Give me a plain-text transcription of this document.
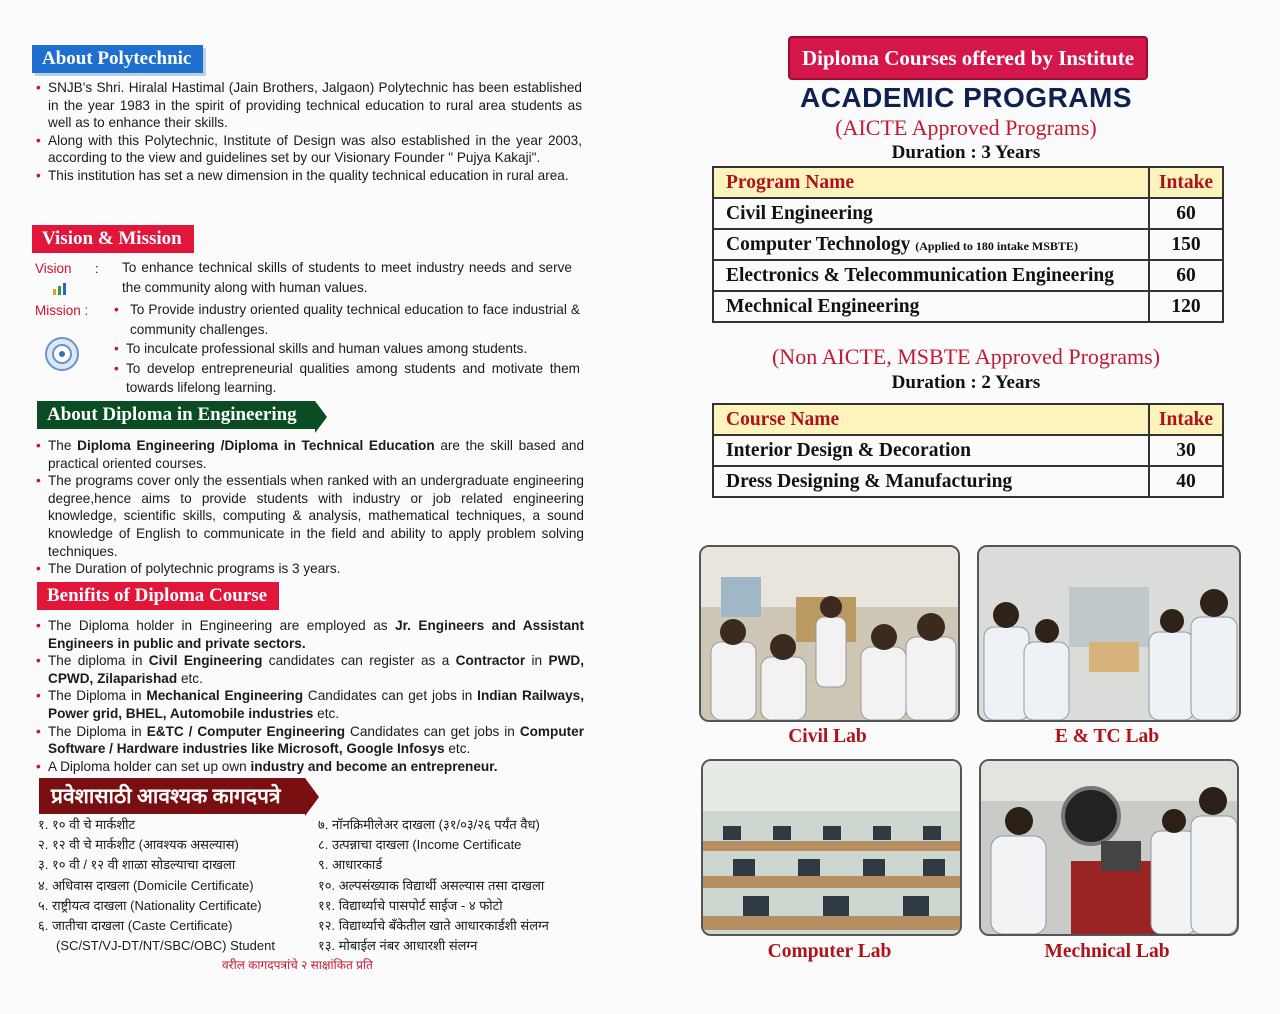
About Polytechnic
• SNJB's Shri. Hiralal Hastimal (Jain Brothers, Jalgaon) Polytechnic has been established in the year 1983 in the spirit of providing technical education to rural area students as well as to enhance their skills.
• Along with this Polytechnic, Institute of Design was also established in the year 2003, according to the view and guidelines set by our Visionary Founder " Pujya Kakaji".
• This institution has set a new dimension in the quality technical education in rural area.
Vision & Mission
Vision : To enhance technical skills of students to meet industry needs and serve the community along with human values.
Mission :	• To Provide industry oriented quality technical education to face industrial & community challenges.
• To inculcate professional skills and human values among students.
• To develop entrepreneurial qualities among students and motivate them towards lifelong learning.
About Diploma in Engineering
• The Diploma Engineering /Diploma in Technical Education are the skill based and practical oriented courses.
• The programs cover only the essentials when ranked with an undergraduate engineering degree,hence aims to provide students with industry or job related engineering knowledge, scientific skills, computing & analysis, mathematical techniques, a sound knowledge of English to communicate in the field and ability to apply problem solving techniques.
• The Duration of polytechnic programs is 3 years.
Benifits of Diploma Course
• The Diploma holder in Engineering are employed as Jr. Engineers and Assistant Engineers in public and private sectors.
• The diploma in Civil Engineering candidates can register as a Contractor in PWD, CPWD, Zilaparishad etc.
• The Diploma in Mechanical Engineering Candidates can get jobs in Indian Railways, Power grid, BHEL, Automobile industries etc.
• The Diploma in E&TC / Computer Engineering Candidates can get jobs in Computer Software / Hardware industries like Microsoft, Google Infosys etc.
• A Diploma holder can set up own industry and become an entrepreneur.
प्रवेशासाठी आवश्यक कागदपत्रे
१. १० वी चे मार्कशीट
२. १२ वी चे मार्कशीट (आवश्यक असल्यास)
३. १० वी / १२ वी शाळा सोडल्याचा दाखला
४. अधिवास दाखला (Domicile Certificate)
५. राष्ट्रीयत्व दाखला (Nationality Certificate)
६. जातीचा दाखला (Caste Certificate)
(SC/ST/VJ-DT/NT/SBC/OBC) Student
७. नॉनक्रिमीलेअर दाखला (३१/०३/२६ पर्यंत वैध)
८. उत्पन्नाचा दाखला (Income Certificate
९. आधारकार्ड
१०. अल्पसंख्याक विद्यार्थी असल्यास तसा दाखला
११. विद्यार्थ्याचे पासपोर्ट साईज - ४ फोटो
१२. विद्यार्थ्याचे बँकेतील खाते आधारकार्डशी संलग्न
१३. मोबाईल नंबर आधारशी संलग्न
वरील कागदपत्रांचे २ साक्षांकित प्रति
Diploma Courses offered by Institute
ACADEMIC PROGRAMS
(AICTE Approved Programs)
Duration : 3 Years
Program Name	Intake
Civil Engineering	60
Computer Technology (Applied to 180 intake MSBTE)	150
Electronics & Telecommunication Engineering	60
Mechnical Engineering	120
(Non AICTE, MSBTE Approved Programs)
Duration : 2 Years
Course Name	Intake
Interior Design & Decoration	30
Dress Designing & Manufacturing	40
Civil Lab	E & TC Lab
Computer Lab	Mechnical Lab
